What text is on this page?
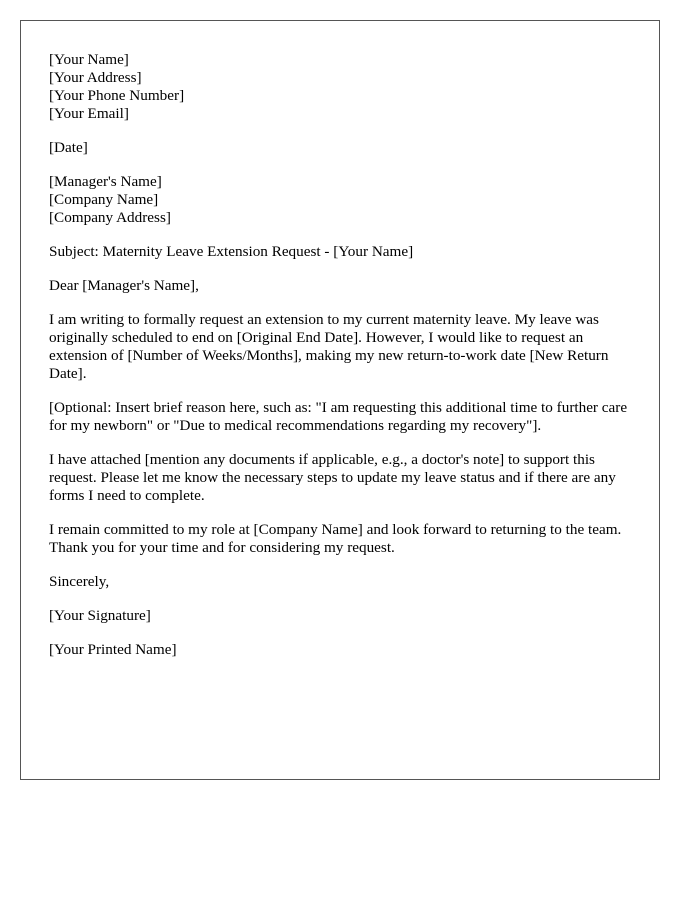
[Your Name]
[Your Address]
[Your Phone Number]
[Your Email]
[Date]
[Manager's Name]
[Company Name]
[Company Address]

Subject: Maternity Leave Extension Request - [Your Name]

Dear [Manager's Name],

I am writing to formally request an extension to my current maternity leave. My leave was originally scheduled to end on [Original End Date]. However, I would like to request an extension of [Number of Weeks/Months], making my new return-to-work date [New Return Date].

[Optional: Insert brief reason here, such as: "I am requesting this additional time to further care for my newborn" or "Due to medical recommendations regarding my recovery"].

I have attached [mention any documents if applicable, e.g., a doctor's note] to support this request. Please let me know the necessary steps to update my leave status and if there are any forms I need to complete.

I remain committed to my role at [Company Name] and look forward to returning to the team. Thank you for your time and for considering my request.

Sincerely,

[Your Signature]

[Your Printed Name]
